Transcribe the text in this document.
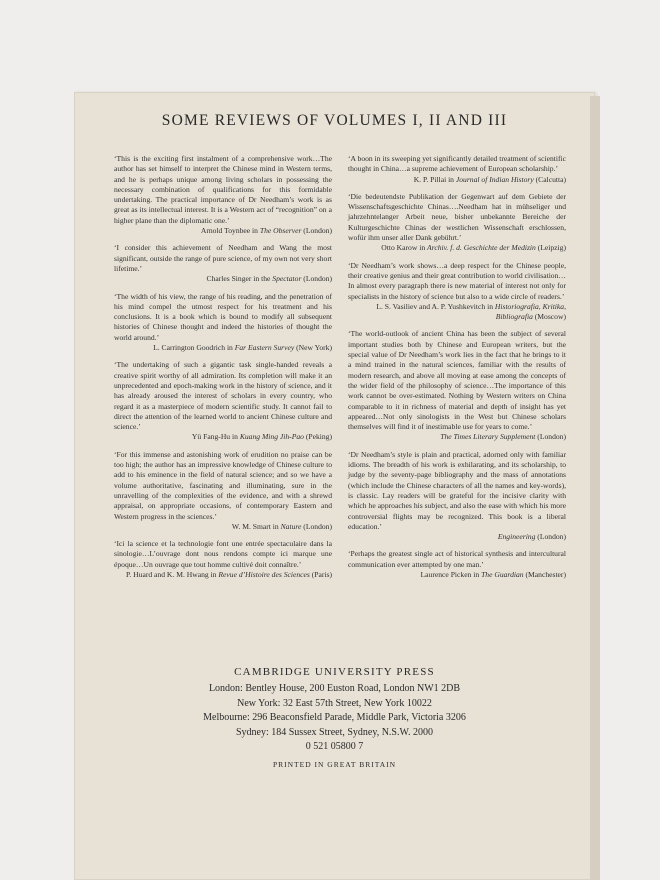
SOME REVIEWS OF VOLUMES I, II AND III

‘This is the exciting first instalment of a comprehensive work…The author has set himself to interpret the Chinese mind in Western terms, and he is perhaps unique among living scholars in possessing the necessary combination of qualifications for this formidable undertaking. The practical importance of Dr Needham’s work is as great as its intellectual interest. It is a Western act of “recognition” on a higher plane than the diplomatic one.’

Arnold Toynbee in The Observer (London)

‘I consider this achievement of Needham and Wang the most significant, outside the range of pure science, of my own not very short lifetime.’

Charles Singer in the Spectator (London)

‘The width of his view, the range of his reading, and the penetration of his mind compel the utmost respect for his treatment and his conclusions. It is a book which is bound to modify all subsequent histories of Chinese thought and indeed the histories of thought the world around.’

L. Carrington Goodrich in Far Eastern Survey (New York)

‘The undertaking of such a gigantic task single-handed reveals a creative spirit worthy of all admiration. Its completion will make it an unprecedented and epoch-making work in the history of science, and it has already aroused the interest of scholars in every country, who regard it as a masterpiece of modern scientific study. It cannot fail to direct the attention of the learned world to ancient Chinese culture and science.’

Yü Fang-Hu in Kuang Ming Jih-Pao (Peking)

‘For this immense and astonishing work of erudition no praise can be too high; the author has an impressive knowledge of Chinese culture to add to his eminence in the field of natural science; and so we have a volume authoritative, fascinating and illuminating, sure in the unravelling of the complexities of the evidence, and with a shrewd appraisal, on appropriate occasions, of contemporary Eastern and Western progress in the sciences.’

W. M. Smart in Nature (London)

‘Ici la science et la technologie font une entrée spectaculaire dans la sinologie…L’ouvrage dont nous rendons compte ici marque une époque…Un ouvrage que tout homme cultivé doit connaître.’

P. Huard and K. M. Hwang in Revue d’Histoire des Sciences (Paris)

‘A boon in its sweeping yet significantly detailed treatment of scientific thought in China…a supreme achievement of European scholarship.’

K. P. Pillai in Journal of Indian History (Calcutta)

‘Die bedeutendste Publikation der Gegenwart auf dem Gebiete der Wissenschaftsgeschichte Chinas….Needham hat in mühseliger und jahrzehntelanger Arbeit neue, bisher unbekannte Bereiche der Kulturgeschichte Chinas der westlichen Wissenschaft erschlossen, wofür ihm unser aller Dank gebührt.’

Otto Karow in Archiv. f. d. Geschichte der Medizin (Leipzig)

‘Dr Needham’s work shows…a deep respect for the Chinese people, their creative genius and their great contribution to world civilisation…In almost every paragraph there is new material of interest not only for specialists in the history of science but also to a wide circle of readers.’

L. S. Vasiliev and A. P. Yushkevitch in Historiografia, Kritika, Bibliografia (Moscow)

‘The world-outlook of ancient China has been the subject of several important studies both by Chinese and European writers, but the special value of Dr Needham’s work lies in the fact that he brings to it a mind trained in the natural sciences, familiar with the results of modern research, and above all moving at ease among the concepts of the wider field of the philosophy of science…The importance of this work cannot be over-estimated. Nothing by Western writers on China comparable to it in richness of material and depth of insight has yet appeared…Not only sinologists in the West but Chinese scholars themselves will find it of inestimable use for years to come.’

The Times Literary Supplement (London)

‘Dr Needham’s style is plain and practical, adorned only with familiar idioms. The breadth of his work is exhilarating, and its scholarship, to judge by the seventy-page bibliography and the mass of annotations (which include the Chinese characters of all the names and key-words), is classic. Lay readers will be grateful for the incisive clarity with which he approaches his subject, and also the ease with which his more controversial flights may be recognized. This book is a liberal education.’

Engineering (London)

‘Perhaps the greatest single act of historical synthesis and intercultural communication ever attempted by one man.’

Laurence Picken in The Guardian (Manchester)

CAMBRIDGE UNIVERSITY PRESS
London: Bentley House, 200 Euston Road, London NW1 2DB
New York: 32 East 57th Street, New York 10022
Melbourne: 296 Beaconsfield Parade, Middle Park, Victoria 3206
Sydney: 184 Sussex Street, Sydney, N.S.W. 2000
0 521 05800 7
PRINTED IN GREAT BRITAIN
